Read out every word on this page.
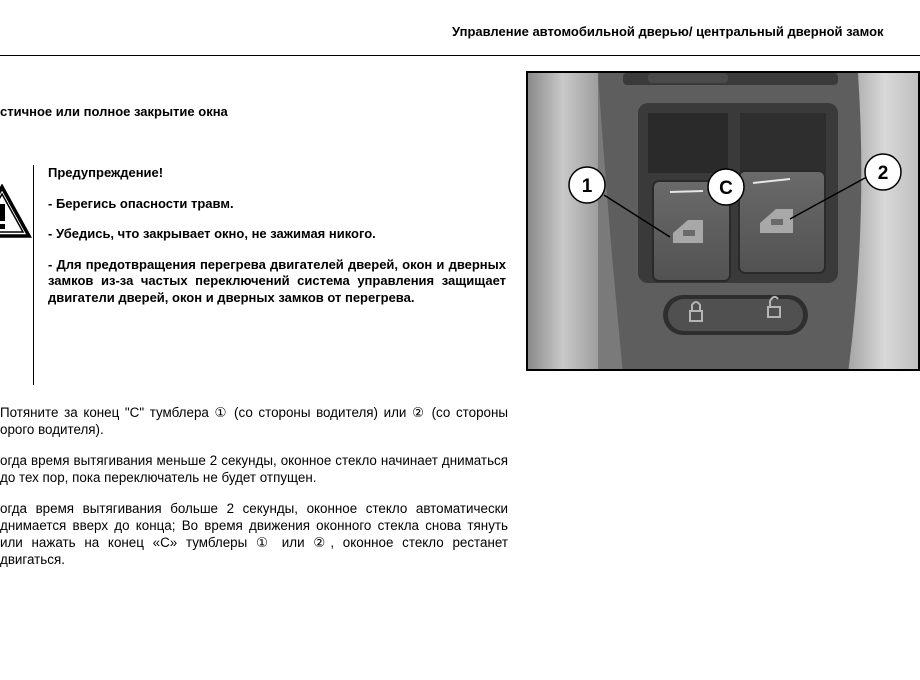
Управление автомобильной дверью/ центральный дверной замок
стичное или полное закрытие окна

Предупреждение!

- Берегись опасности травм.

- Убедись, что закрывает окно, не зажимая никого.

- Для предотвращения перегрева двигателей дверей, окон и дверных замков из-за частых переключений система управления защищает двигатели дверей, окон и дверных замков от перегрева.

Потяните за конец "C" тумблера ① (со стороны водителя) или ② (со стороны орого водителя).

огда время вытягивания меньше 2 секунды, оконное стекло начинает дниматься до тех пор, пока переключатель не будет отпущен.

огда время вытягивания больше 2 секунды, оконное стекло автоматически днимается вверх до конца; Во время движения оконного стекла снова тянуть или нажать на конец «C» тумблеры ① или ②, оконное стекло рестанет двигаться.

1	C
2
